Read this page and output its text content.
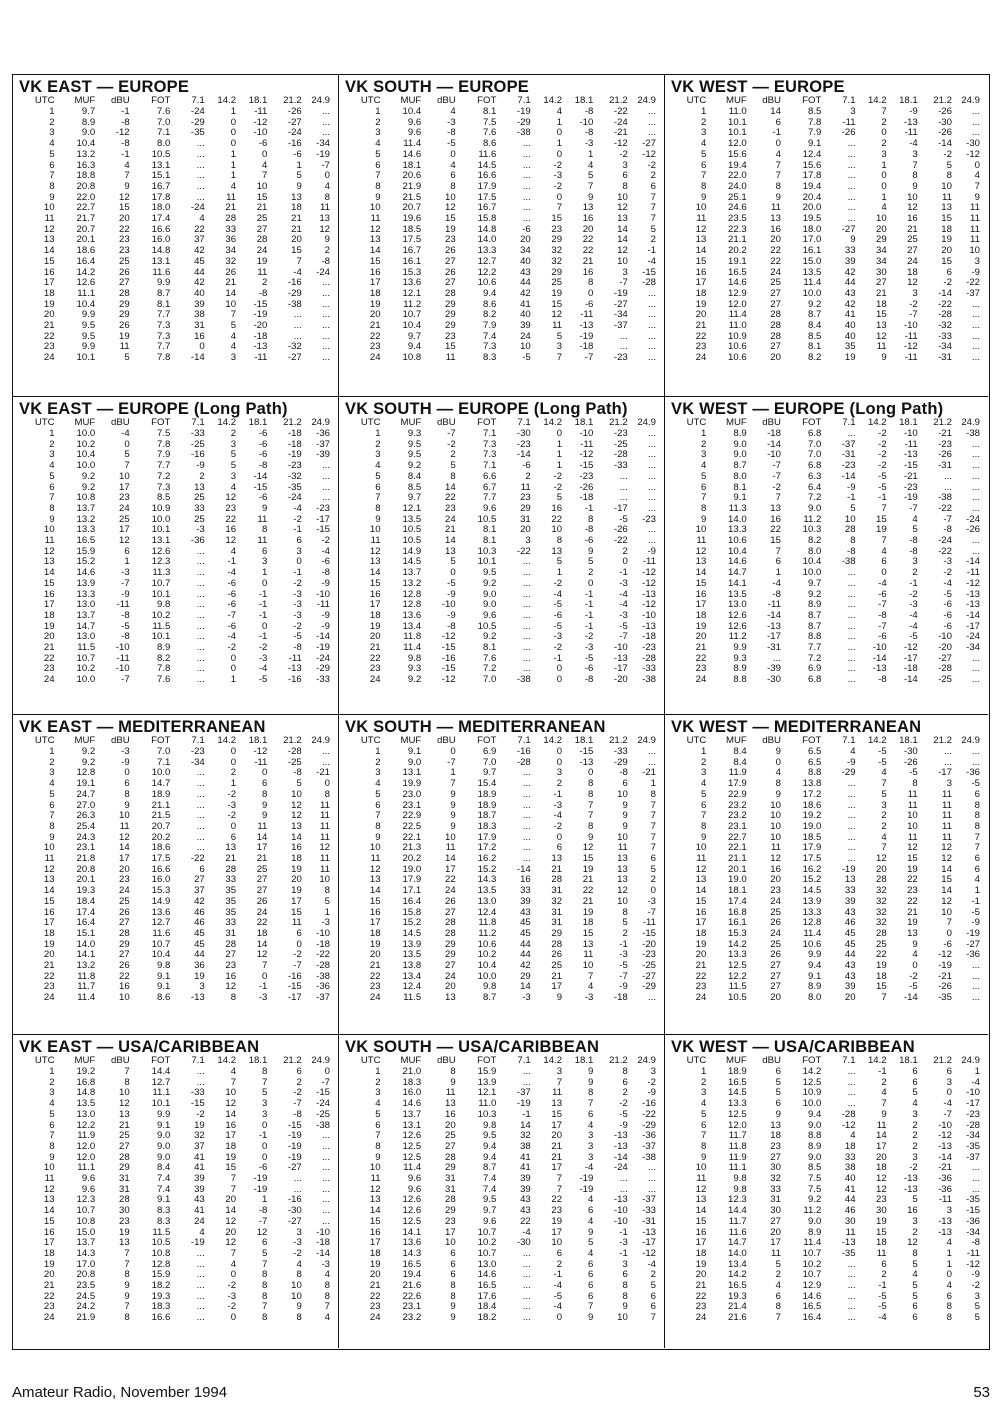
VK EAST — EUROPE
UTC	MUF	dBU	FOT	7.1	14.2	18.1	21.2	24.9
1	9.7	-1	7.6	-24	1	-11	-26	...
2	8.9	-8	7.0	-29	0	-12	-27	...
3	9.0	-12	7.1	-35	0	-10	-24	...
4	10.4	-8	8.0	...	0	-6	-16	-34
5	13.2	-1	10.5	...	1	0	-6	-19
6	16.3	4	13.1	...	1	4	1	-7
7	18.8	7	15.1	...	1	7	5	0
8	20.8	9	16.7	...	4	10	9	4
9	22.0	12	17.8	...	11	15	13	8
10	22.7	15	18.0	-24	21	21	18	11
11	21.7	20	17.4	4	28	25	21	13
12	20.7	22	16.6	22	33	27	21	12
13	20.1	23	16.0	37	36	28	20	9
14	18.6	23	14.8	42	34	24	15	2
15	16.4	25	13.1	45	32	19	7	-8
16	14.2	26	11.6	44	26	11	-4	-24
17	12.6	27	9.9	42	21	2	-16	...
18	11.1	28	8.7	40	14	-8	-29	...
19	10.4	29	8.1	39	10	-15	-38	...
20	9.9	29	7.7	38	7	-19	...	...
21	9.5	26	7.3	31	5	-20	...	...
22	9.5	19	7.3	16	4	-18	...	...
23	9.9	11	7.7	0	4	-13	-32	...
24	10.1	5	7.8	-14	3	-11	-27	...
VK SOUTH — EUROPE
UTC	MUF	dBU	FOT	7.1	14.2	18.1	21.2	24.9
1	10.4	4	8.1	-19	4	-8	-22	...
2	9.6	-3	7.5	-29	1	-10	-24	...
3	9.6	-8	7.6	-38	0	-8	-21	...
4	11.4	-5	8.6	...	1	-3	-12	-27
5	14.6	0	11.6	...	0	1	-2	-12
6	18.1	4	14.5	...	-2	4	3	-2
7	20.6	6	16.6	...	-3	5	6	2
8	21.9	8	17.9	...	-2	7	8	6
9	21.5	10	17.5	...	0	9	10	7
10	20.7	12	16.7	...	7	13	12	7
11	19.6	15	15.8	...	15	16	13	7
12	18.5	19	14.8	-6	23	20	14	5
13	17.5	23	14.0	20	29	22	14	2
14	16.7	26	13.3	34	32	22	12	-1
15	16.1	27	12.7	40	32	21	10	-4
16	15.3	26	12.2	43	29	16	3	-15
17	13.6	27	10.6	44	25	8	-7	-28
18	12.1	28	9.4	42	19	0	-19	...
19	11.2	29	8.6	41	15	-6	-27	...
20	10.7	29	8.2	40	12	-11	-34	...
21	10.4	29	7.9	39	11	-13	-37	...
22	9.7	23	7.4	24	5	-19	...	...
23	9.4	15	7.3	10	3	-18	...	...
24	10.8	11	8.3	-5	7	-7	-23	...
VK WEST — EUROPE
UTC	MUF	dBU	FOT	7.1	14.2	18.1	21.2	24.9
1	11.0	14	8.5	3	7	-9	-26	...
2	10.1	6	7.8	-11	2	-13	-30	...
3	10.1	-1	7.9	-26	0	-11	-26	...
4	12.0	0	9.1	...	2	-4	-14	-30
5	15.6	4	12.4	...	3	3	-2	-12
6	19.4	7	15.6	...	1	7	5	0
7	22.0	7	17.8	...	0	8	8	4
8	24.0	8	19.4	...	0	9	10	7
9	25.1	9	20.4	...	1	10	11	9
10	24.6	11	20.0	...	4	12	13	11
11	23.5	13	19.5	...	10	16	15	11
12	22.3	16	18.0	-27	20	21	18	11
13	21.1	20	17.0	9	29	25	19	11
14	20.2	22	16.1	33	34	27	20	10
15	19.1	22	15.0	39	34	24	15	3
16	16.5	24	13.5	42	30	18	6	-9
17	14.6	25	11.4	44	27	12	-2	-22
18	12.9	27	10.0	43	21	3	-14	-37
19	12.0	27	9.2	42	18	-2	-22	...
20	11.4	28	8.7	41	15	-7	-28	...
21	11.0	28	8.4	40	13	-10	-32	...
22	10.9	28	8.5	40	12	-11	-33	...
23	10.6	27	8.1	35	11	-12	-34	...
24	10.6	20	8.2	19	9	-11	-31	...
VK EAST — EUROPE (Long Path)
UTC	MUF	dBU	FOT	7.1	14.2	18.1	21.2	24.9
1	10.0	-4	7.5	-33	2	-6	-18	-36
2	10.2	0	7.8	-25	3	-6	-18	-37
3	10.4	5	7.9	-16	5	-6	-19	-39
4	10.0	7	7.7	-9	5	-8	-23	...
5	9.2	10	7.2	2	3	-14	-32	...
6	9.2	17	7.3	13	4	-15	-35	...
7	10.8	23	8.5	25	12	-6	-24	...
8	13.7	24	10.9	33	23	9	-4	-23
9	13.2	25	10.0	25	22	11	-2	-17
10	13.3	17	10.1	-3	16	8	-1	-15
11	16.5	12	13.1	-36	12	11	6	-2
12	15.9	6	12.6	...	4	6	3	-4
13	15.2	1	12.3	...	-1	3	0	-6
14	14.6	-3	11.3	...	-4	1	-1	-8
15	13.9	-7	10.7	...	-6	0	-2	-9
16	13.3	-9	10.1	...	-6	-1	-3	-10
17	13.0	-11	9.8	...	-6	-1	-3	-11
18	13.7	-8	10.2	...	-7	-1	-3	-9
19	14.7	-5	11.5	...	-6	0	-2	-9
20	13.0	-8	10.1	...	-4	-1	-5	-14
21	11.5	-10	8.9	...	-2	-2	-8	-19
22	10.7	-11	8.2	...	0	-3	-11	-24
23	10.2	-10	7.8	...	0	-4	-13	-29
24	10.0	-7	7.6	...	1	-5	-16	-33
VK SOUTH — EUROPE (Long Path)
UTC	MUF	dBU	FOT	7.1	14.2	18.1	21.2	24.9
1	9.3	-7	7.1	-30	0	-10	-23	...
2	9.5	-2	7.3	-23	1	-11	-25	...
3	9.5	2	7.3	-14	1	-12	-28	...
4	9.2	5	7.1	-6	1	-15	-33	...
5	8.4	8	6.6	2	-2	-23	...	...
6	8.5	14	6.7	11	-2	-26	...	...
7	9.7	22	7.7	23	5	-18	...	...
8	12.1	23	9.6	29	16	-1	-17	...
9	13.5	24	10.5	31	22	8	-5	-23
10	10.5	21	8.1	20	10	-8	-26	...
11	10.5	14	8.1	3	8	-6	-22	...
12	14.9	13	10.3	-22	13	9	2	-9
13	14.5	5	10.1	...	5	5	0	-11
14	13.7	0	9.5	...	1	2	-1	-12
15	13.2	-5	9.2	...	-2	0	-3	-12
16	12.8	-9	9.0	...	-4	-1	-4	-13
17	12.8	-10	9.0	...	-5	-1	-4	-12
18	13.6	-9	9.6	...	-6	-1	-3	-10
19	13.4	-8	10.5	...	-5	-1	-5	-13
20	11.8	-12	9.2	...	-3	-2	-7	-18
21	11.4	-15	8.1	...	-2	-3	-10	-23
22	9.8	-16	7.6	...	-1	-5	-13	-28
23	9.3	-15	7.2	...	0	-6	-17	-33
24	9.2	-12	7.0	-38	0	-8	-20	-38
VK WEST — EUROPE (Long Path)
UTC	MUF	dBU	FOT	7.1	14.2	18.1	21.2	24.9
1	8.9	-18	6.8	...	-2	-10	-21	-38
2	9.0	-14	7.0	-37	-2	-11	-23	...
3	9.0	-10	7.0	-31	-2	-13	-26	...
4	8.7	-7	6.8	-23	-2	-15	-31	...
5	8.0	-7	6.3	-14	-5	-21	...	...
6	8.1	-2	6.4	-9	-5	-23	...	...
7	9.1	7	7.2	-1	-1	-19	-38	...
8	11.3	13	9.0	5	7	-7	-22	...
9	14.0	16	11.2	10	15	4	-7	-24
10	13.3	22	10.3	28	19	5	-8	-26
11	10.6	15	8.2	8	7	-8	-24	...
12	10.4	7	8.0	-8	4	-8	-22	...
13	14.6	6	10.4	-38	6	3	-3	-14
14	14.7	1	10.0	...	0	2	-2	-11
15	14.1	-4	9.7	...	-4	-1	-4	-12
16	13.5	-8	9.2	...	-6	-2	-5	-13
17	13.0	-11	8.9	...	-7	-3	-6	-13
18	12.6	-14	8.7	...	-8	-4	-6	-14
19	12.6	-13	8.7	...	-7	-4	-6	-17
20	11.2	-17	8.8	...	-6	-5	-10	-24
21	9.9	-31	7.7	...	-10	-12	-20	-34
22	9.3	...	7.2	...	-14	-17	-27	...
23	8.9	-39	6.9	...	-13	-18	-28	...
24	8.8	-30	6.8	...	-8	-14	-25	...
VK EAST — MEDITERRANEAN
UTC	MUF	dBU	FOT	7.1	14.2	18.1	21.2	24.9
1	9.2	-3	7.0	-23	0	-12	-28	...
2	9.2	-9	7.1	-34	0	-11	-25	...
3	12.8	0	10.0	...	2	0	-8	-21
4	19.1	6	14.7	...	1	6	5	0
5	24.7	8	18.9	...	-2	8	10	8
6	27.0	9	21.1	...	-3	9	12	11
7	26.3	10	21.5	...	-2	9	12	11
8	25.4	11	20.7	...	0	11	13	11
9	24.3	12	20.2	...	6	14	14	11
10	23.1	14	18.6	...	13	17	16	12
11	21.8	17	17.5	-22	21	21	18	11
12	20.8	20	16.6	6	28	25	19	11
13	20.1	23	16.0	27	33	27	20	10
14	19.3	24	15.3	37	35	27	19	8
15	18.4	25	14.9	42	35	26	17	5
16	17.4	26	13.6	46	35	24	15	1
17	16.4	27	12.7	46	33	22	11	-3
18	15.1	28	11.6	45	31	18	6	-10
19	14.0	29	10.7	45	28	14	0	-18
20	14.1	27	10.4	44	27	12	-2	-22
21	13.2	26	9.8	36	23	7	-7	-28
22	11.8	22	9.1	19	16	0	-16	-38
23	11.7	16	9.1	3	12	-1	-15	-36
24	11.4	10	8.6	-13	8	-3	-17	-37
VK SOUTH — MEDITERRANEAN
UTC	MUF	dBU	FOT	7.1	14.2	18.1	21.2	24.9
1	9.1	0	6.9	-16	0	-15	-33	...
2	9.0	-7	7.0	-28	0	-13	-29	...
3	13.1	1	9.7	...	3	0	-8	-21
4	19.9	7	15.4	...	2	8	6	1
5	23.0	9	18.9	...	-1	8	10	8
6	23.1	9	18.9	...	-3	7	9	7
7	22.9	9	18.7	...	-4	7	9	7
8	22.5	9	18.3	...	-2	8	9	7
9	22.1	10	17.9	...	0	9	10	7
10	21.3	11	17.2	...	6	12	11	7
11	20.2	14	16.2	...	13	15	13	6
12	19.0	17	15.2	-14	21	19	13	5
13	17.9	22	14.3	16	28	21	13	2
14	17.1	24	13.5	33	31	22	12	0
15	16.4	26	13.0	39	32	21	10	-3
16	15.8	27	12.4	43	31	19	8	-7
17	15.2	28	11.8	45	31	18	5	-11
18	14.5	28	11.2	45	29	15	2	-15
19	13.9	29	10.6	44	28	13	-1	-20
20	13.5	29	10.2	44	26	11	-3	-23
21	13.8	27	10.4	42	25	10	-5	-25
22	13.4	24	10.0	29	21	7	-7	-27
23	12.4	20	9.8	14	17	4	-9	-29
24	11.5	13	8.7	-3	9	-3	-18	...
VK WEST — MEDITERRANEAN
UTC	MUF	dBU	FOT	7.1	14.2	18.1	21.2	24.9
1	8.4	9	6.5	4	-5	-30	...	...
2	8.4	0	6.5	-9	-5	-26	...	...
3	11.9	4	8.8	-29	4	-5	-17	-36
4	17.9	8	13.8	...	7	8	3	-5
5	22.9	9	17.2	...	5	11	11	6
6	23.2	10	18.6	...	3	11	11	8
7	23.2	10	19.2	...	2	10	11	8
8	23.1	10	19.0	...	2	10	11	8
9	22.7	10	18.5	...	4	11	11	7
10	22.1	11	17.9	...	7	12	12	7
11	21.1	12	17.5	...	12	15	12	6
12	20.1	16	16.2	-19	20	19	14	6
13	19.0	20	15.2	13	28	22	15	4
14	18.1	23	14.5	33	32	23	14	1
15	17.4	24	13.9	39	32	22	12	-1
16	16.8	25	13.3	43	32	21	10	-5
17	16.1	26	12.8	46	32	19	7	-9
18	15.3	24	11.4	45	28	13	0	-19
19	14.2	25	10.6	45	25	9	-6	-27
20	13.3	26	9.9	44	22	4	-12	-36
21	12.5	27	9.4	43	19	0	-19	...
22	12.2	27	9.1	43	18	-2	-21	...
23	11.5	27	8.9	39	15	-5	-26	...
24	10.5	20	8.0	20	7	-14	-35	...
VK EAST — USA/CARIBBEAN
UTC	MUF	dBU	FOT	7.1	14.2	18.1	21.2	24.9
1	19.2	7	14.4	...	4	8	6	0
2	16.8	8	12.7	...	7	7	2	-7
3	14.8	10	11.1	-33	10	5	-2	-15
4	13.5	12	10.1	-15	12	3	-7	-24
5	13.0	13	9.9	-2	14	3	-8	-25
6	12.2	21	9.1	19	16	0	-15	-38
7	11.9	25	9.0	32	17	-1	-19	...
8	12.0	27	9.0	37	18	0	-19	...
9	12.0	28	9.0	41	19	0	-19	...
10	11.1	29	8.4	41	15	-6	-27	...
11	9.6	31	7.4	39	7	-19	...	...
12	9.6	31	7.4	39	7	-19	...	...
13	12.3	28	9.1	43	20	1	-16	...
14	10.7	30	8.3	41	14	-8	-30	...
15	10.8	23	8.3	24	12	-7	-27	...
16	15.0	19	11.5	4	20	12	3	-10
17	13.7	13	10.5	-19	12	6	-3	-18
18	14.3	7	10.8	...	7	5	-2	-14
19	17.0	7	12.8	...	4	7	4	-3
20	20.8	8	15.9	...	0	8	8	4
21	23.5	9	18.2	...	-2	8	10	8
22	24.5	9	19.3	...	-3	8	10	8
23	24.2	7	18.3	...	-2	7	9	7
24	21.9	8	16.6	...	0	8	8	4
VK SOUTH — USA/CARIBBEAN
UTC	MUF	dBU	FOT	7.1	14.2	18.1	21.2	24.9
1	21.0	8	15.9	...	3	9	8	3
2	18.3	9	13.9	...	7	9	6	-2
3	16.0	11	12.1	-37	11	8	2	-9
4	14.6	13	11.0	-19	13	7	-2	-16
5	13.7	16	10.3	-1	15	6	-5	-22
6	13.1	20	9.8	14	17	4	-9	-29
7	12.6	25	9.5	32	20	3	-13	-36
8	12.5	27	9.4	38	21	3	-13	-37
9	12.5	28	9.4	41	21	3	-14	-38
10	11.4	29	8.7	41	17	-4	-24	...
11	9.6	31	7.4	39	7	-19	...	...
12	9.6	31	7.4	39	7	-19	...	...
13	12.6	28	9.5	43	22	4	-13	-37
14	12.6	29	9.7	43	23	6	-10	-33
15	12.5	23	9.6	22	19	4	-10	-31
16	14.1	17	10.7	-4	17	9	-1	-13
17	13.6	10	10.2	-30	10	5	-3	-17
18	14.3	6	10.7	...	6	4	-1	-12
19	16.5	6	13.0	...	2	6	3	-4
20	19.4	6	14.6	...	-1	6	6	2
21	21.6	8	16.5	...	-4	6	8	5
22	22.6	8	17.6	...	-5	6	8	6
23	23.1	9	18.4	...	-4	7	9	6
24	23.2	9	18.2	...	0	9	10	7
VK WEST — USA/CARIBBEAN
UTC	MUF	dBU	FOT	7.1	14.2	18.1	21.2	24.9
1	18.9	6	14.2	...	-1	6	6	1
2	16.5	5	12.5	...	2	6	3	-4
3	14.5	5	10.9	...	4	5	0	-10
4	13.3	6	10.0	...	7	4	-4	-17
5	12.5	9	9.4	-28	9	3	-7	-23
6	12.0	13	9.0	-12	11	2	-10	-28
7	11.7	18	8.8	4	14	2	-12	-34
8	11.8	23	8.9	18	17	2	-13	-35
9	11.9	27	9.0	33	20	3	-14	-37
10	11.1	30	8.5	38	18	-2	-21	...
11	9.8	32	7.5	40	12	-13	-36	...
12	9.8	33	7.5	41	12	-13	-36	...
13	12.3	31	9.2	44	23	5	-11	-35
14	14.4	30	11.2	46	30	16	3	-15
15	11.7	27	9.0	30	19	3	-13	-36
16	11.6	20	8.9	11	15	2	-13	-34
17	14.7	17	11.4	-13	18	12	4	-8
18	14.0	11	10.7	-35	11	8	1	-11
19	13.4	5	10.2	...	6	5	1	-12
20	14.2	2	10.7	...	2	4	0	-9
21	16.5	4	12.9	...	-1	5	4	-2
22	19.3	6	14.6	...	-5	5	6	3
23	21.4	8	16.5	...	-5	6	8	5
24	21.6	7	16.4	...	-4	6	8	5
Amateur Radio, November 1994	53
